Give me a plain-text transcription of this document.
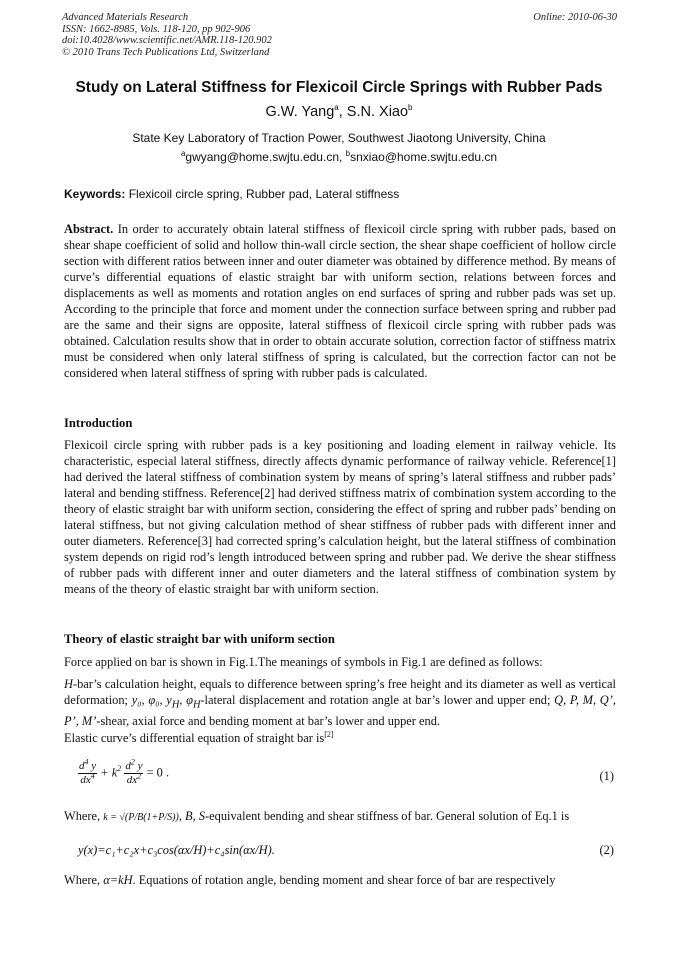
Advanced Materials Research
ISSN: 1662-8985, Vols. 118-120, pp 902-906
doi:10.4028/www.scientific.net/AMR.118-120.902
© 2010 Trans Tech Publications Ltd, Switzerland
Online: 2010-06-30
Study on Lateral Stiffness for Flexicoil Circle Springs with Rubber Pads
G.W. Yang$^a$, S.N. Xiao$^b$
State Key Laboratory of Traction Power, Southwest Jiaotong University, China
$^a$gwyang@home.swjtu.edu.cn, $^b$snxiao@home.swjtu.edu.cn
Keywords: Flexicoil circle spring, Rubber pad, Lateral stiffness
Abstract. In order to accurately obtain lateral stiffness of flexicoil circle spring with rubber pads, based on shear shape coefficient of solid and hollow thin-wall circle section, the shear shape coefficient of hollow circle section with different ratios between inner and outer diameter was obtained by difference method. By means of curve’s differential equations of elastic straight bar with uniform section, relations between forces and displacements as well as moments and rotation angles on end surfaces of spring and rubber pads was set up. According to the principle that force and moment under the connection surface between spring and rubber pad are the same and their signs are opposite, lateral stiffness of flexicoil circle spring with rubber pads was obtained. Calculation results show that in order to obtain accurate solution, correction factor of stiffness matrix must be considered when only lateral stiffness of spring is calculated, but the correction factor can not be considered when lateral stiffness of spring with rubber pads is calculated.
Introduction
Flexicoil circle spring with rubber pads is a key positioning and loading element in railway vehicle. Its characteristic, especial lateral stiffness, directly affects dynamic performance of railway vehicle. Reference[1] had derived the lateral stiffness of combination system by means of spring’s lateral stiffness and rubber pads’ lateral and bending stiffness. Reference[2] had derived stiffness matrix of combination system according to the theory of elastic straight bar with uniform section, considering the effect of spring and rubber pads’ bending on lateral stiffness, but not giving calculation method of shear stiffness of rubber pads with different inner and outer diameters. Reference[3] had corrected spring’s calculation height, but the lateral stiffness of combination system depends on rigid rod’s length introduced between spring and rubber pad. We derive the shear stiffness of rubber pads with different inner and outer diameters and the lateral stiffness of combination system by means of the theory of elastic straight bar with uniform section.
Theory of elastic straight bar with uniform section
Force applied on bar is shown in Fig.1.The meanings of symbols in Fig.1 are defined as follows:
H-bar’s calculation height, equals to difference between spring’s free height and its diameter as well as vertical deformation; y₀, φ₀, $y_H$, $\varphi_H$-lateral displacement and rotation angle at bar’s lower and upper end; Q, P, M, Q’, P’, M’-shear, axial force and bending moment at bar’s lower and upper end.
Elastic curve’s differential equation of straight bar is[2]
$\frac{d^4 y}{dx^4} + k^2 \frac{d^2 y}{dx^2} = 0$ .	(1)
Where, k = √(P/B(1+P/S)), B, S-equivalent bending and shear stiffness of bar. General solution of Eq.1 is
y(x)=c₁+c₂x+c₃cos(αx/H)+c₄sin(αx/H).	(2)
Where, α=kH. Equations of rotation angle, bending moment and shear force of bar are respectively
